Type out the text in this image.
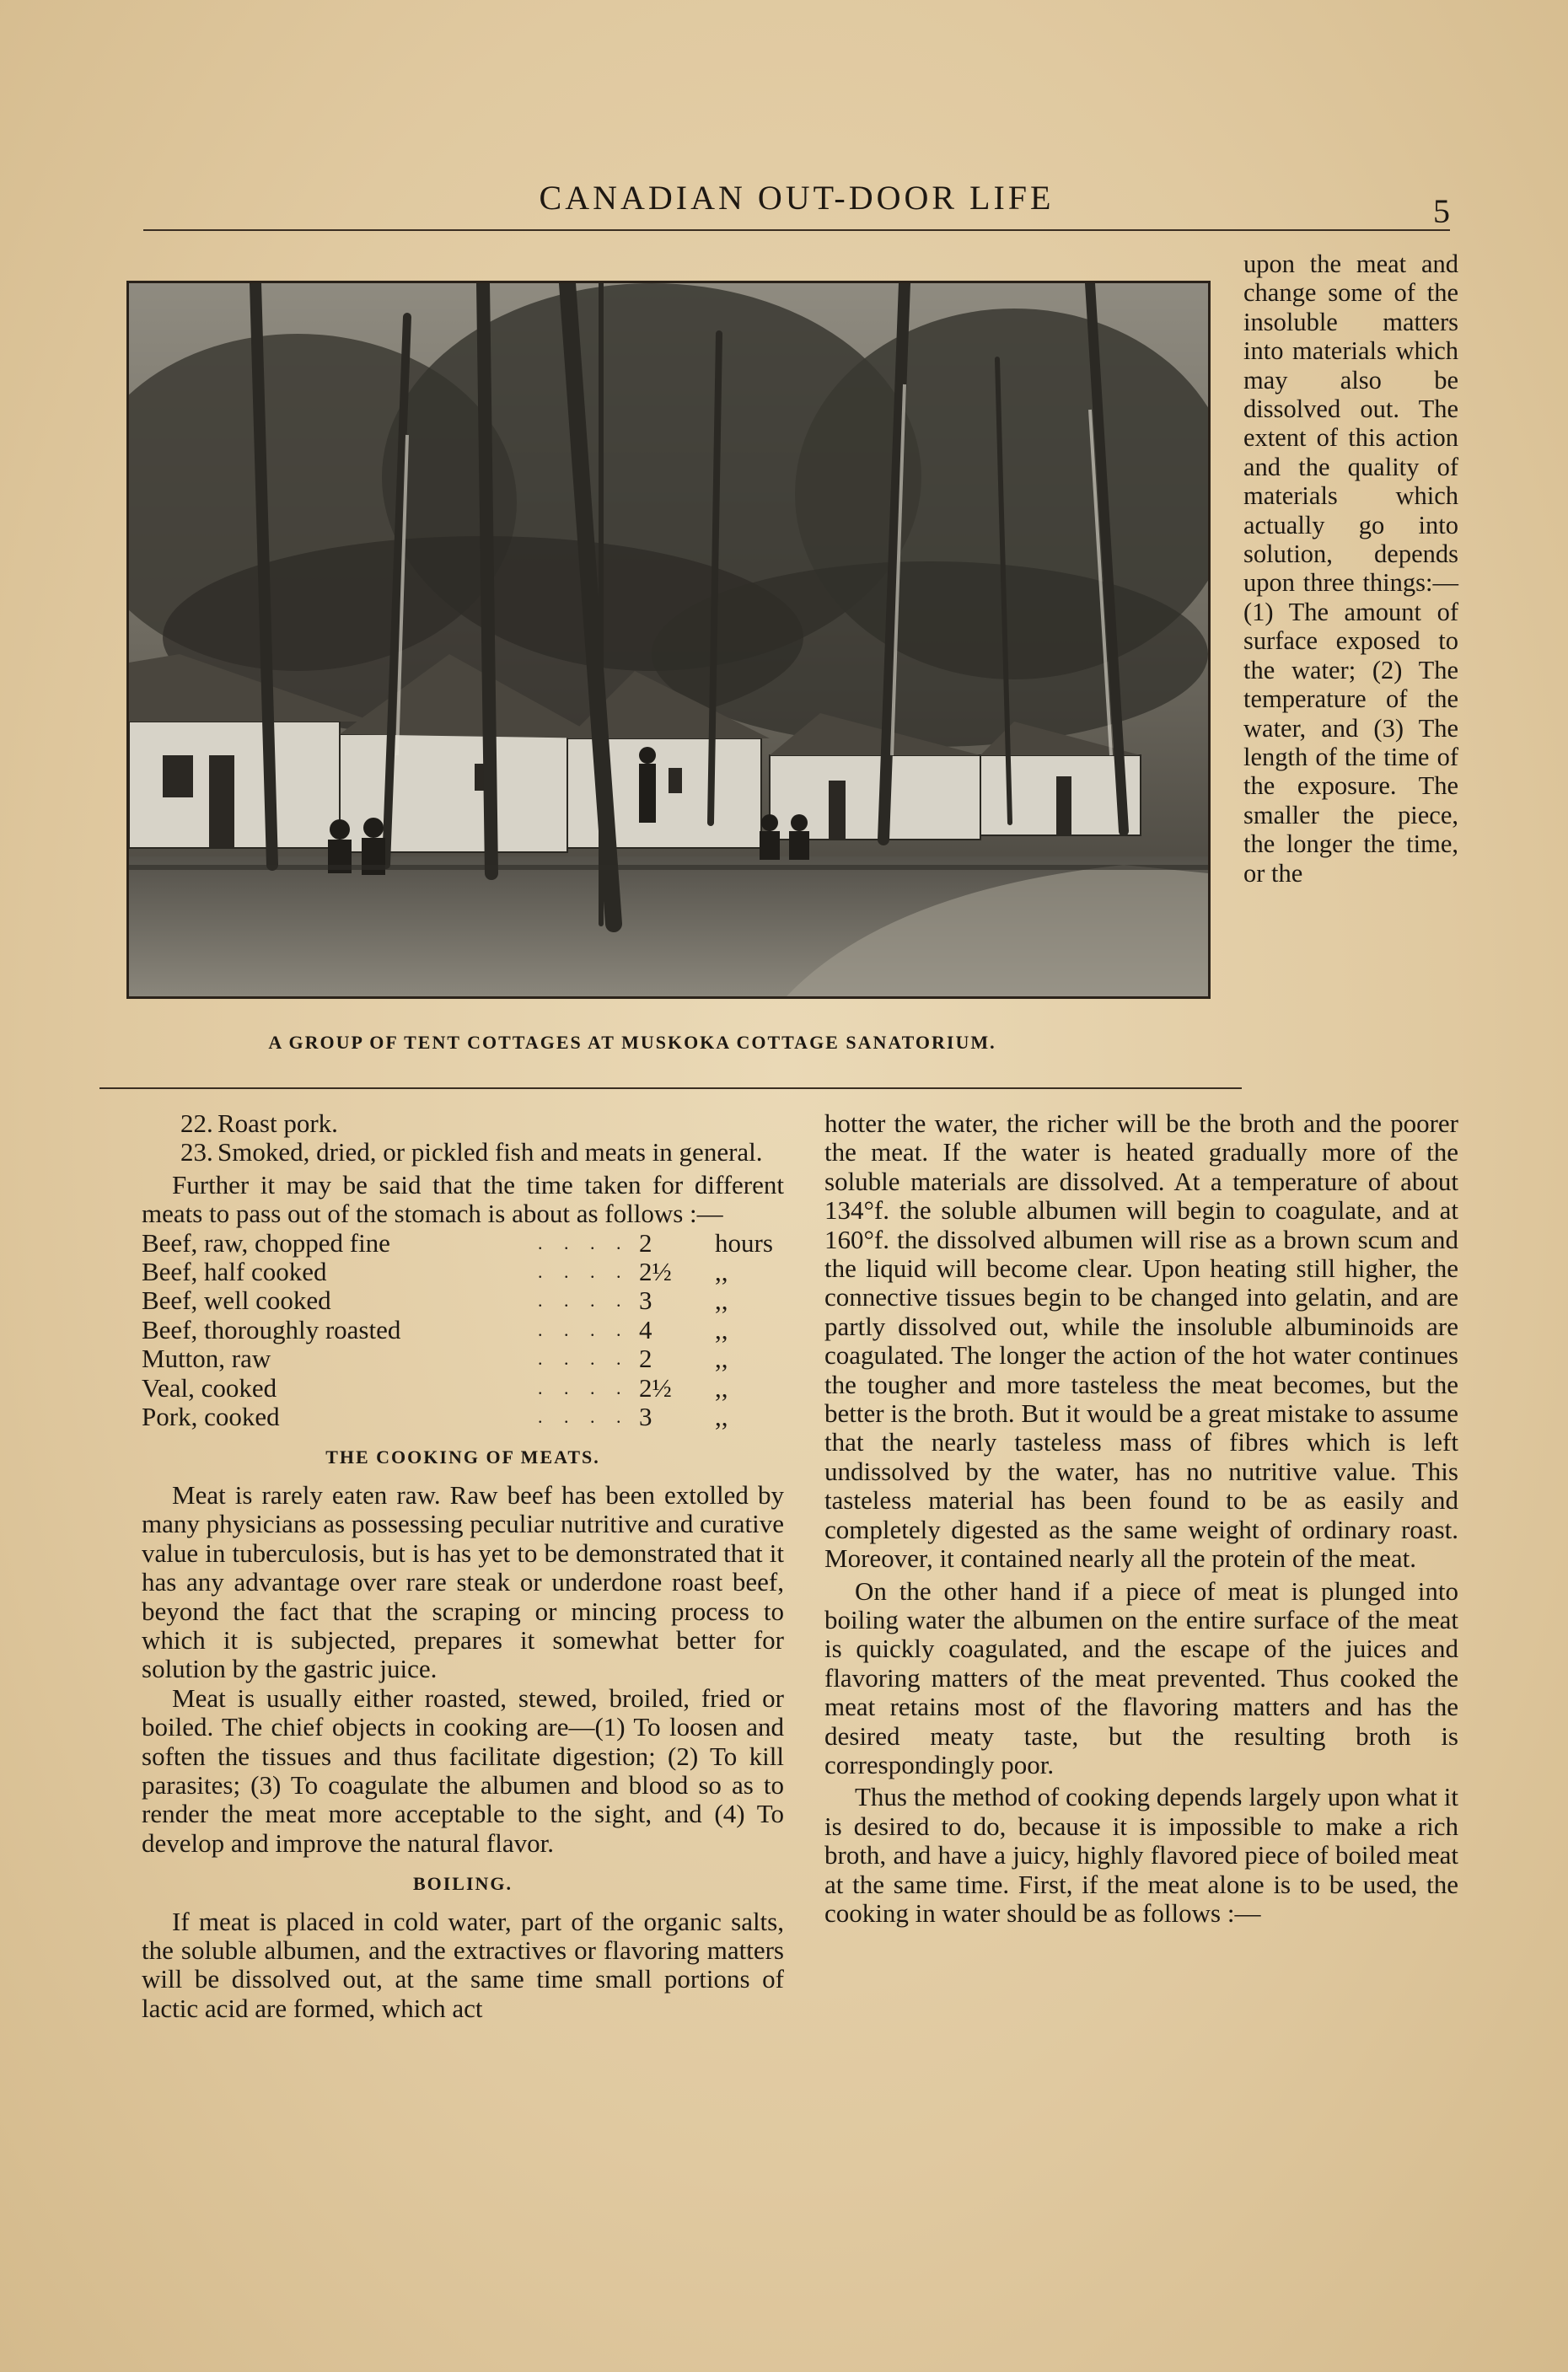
CANADIAN OUT-DOOR LIFE	5
A GROUP OF TENT COTTAGES AT MUSKOKA COTTAGE SANATORIUM.

upon the meat and change some of the insoluble matters into materials which may also be dissolved out. The extent of this action and the quality of materials which actually go into solution, depends upon three things:— (1) The amount of surface exposed to the water; (2) The temperature of the water, and (3) The length of the time of the exposure. The smaller the piece, the longer the time, or the

22. Roast pork.
23. Smoked, dried, or pickled fish and meats in general.

Further it may be said that the time taken for different meats to pass out of the stomach is about as follows :—

Beef, raw, chopped fine	. . . .	2	hours
Beef, half cooked	. . . .	2½	,,
Beef, well cooked	. . . .	3	,,
Beef, thoroughly roasted	. . . .	4	,,
Mutton, raw	. . . .	2	,,
Veal, cooked	. . . .	2½	,,
Pork, cooked	. . . .	3	,,
THE COOKING OF MEATS.

Meat is rarely eaten raw. Raw beef has been extolled by many physicians as possessing peculiar nutritive and curative value in tuberculosis, but is has yet to be demonstrated that it has any advantage over rare steak or underdone roast beef, beyond the fact that the scraping or mincing process to which it is subjected, prepares it somewhat better for solution by the gastric juice.

Meat is usually either roasted, stewed, broiled, fried or boiled. The chief objects in cooking are—(1) To loosen and soften the tissues and thus facilitate digestion; (2) To kill parasites; (3) To coagulate the albumen and blood so as to render the meat more acceptable to the sight, and (4) To develop and improve the natural flavor.

BOILING.

If meat is placed in cold water, part of the organic salts, the soluble albumen, and the extractives or flavoring matters will be dissolved out, at the same time small portions of lactic acid are formed, which act

hotter the water, the richer will be the broth and the poorer the meat. If the water is heated gradually more of the soluble materials are dissolved. At a temperature of about 134°f. the soluble albumen will begin to coagulate, and at 160°f. the dissolved albumen will rise as a brown scum and the liquid will become clear. Upon heating still higher, the connective tissues begin to be changed into gelatin, and are partly dissolved out, while the insoluble albuminoids are coagulated. The longer the action of the hot water continues the tougher and more tasteless the meat becomes, but the better is the broth. But it would be a great mistake to assume that the nearly tasteless mass of fibres which is left undissolved by the water, has no nutritive value. This tasteless material has been found to be as easily and completely digested as the same weight of ordinary roast. Moreover, it contained nearly all the protein of the meat.

On the other hand if a piece of meat is plunged into boiling water the albumen on the entire surface of the meat is quickly coagulated, and the escape of the juices and flavoring matters of the meat prevented. Thus cooked the meat retains most of the flavoring matters and has the desired meaty taste, but the resulting broth is correspondingly poor.

Thus the method of cooking depends largely upon what it is desired to do, because it is impossible to make a rich broth, and have a juicy, highly flavored piece of boiled meat at the same time. First, if the meat alone is to be used, the cooking in water should be as follows :—
